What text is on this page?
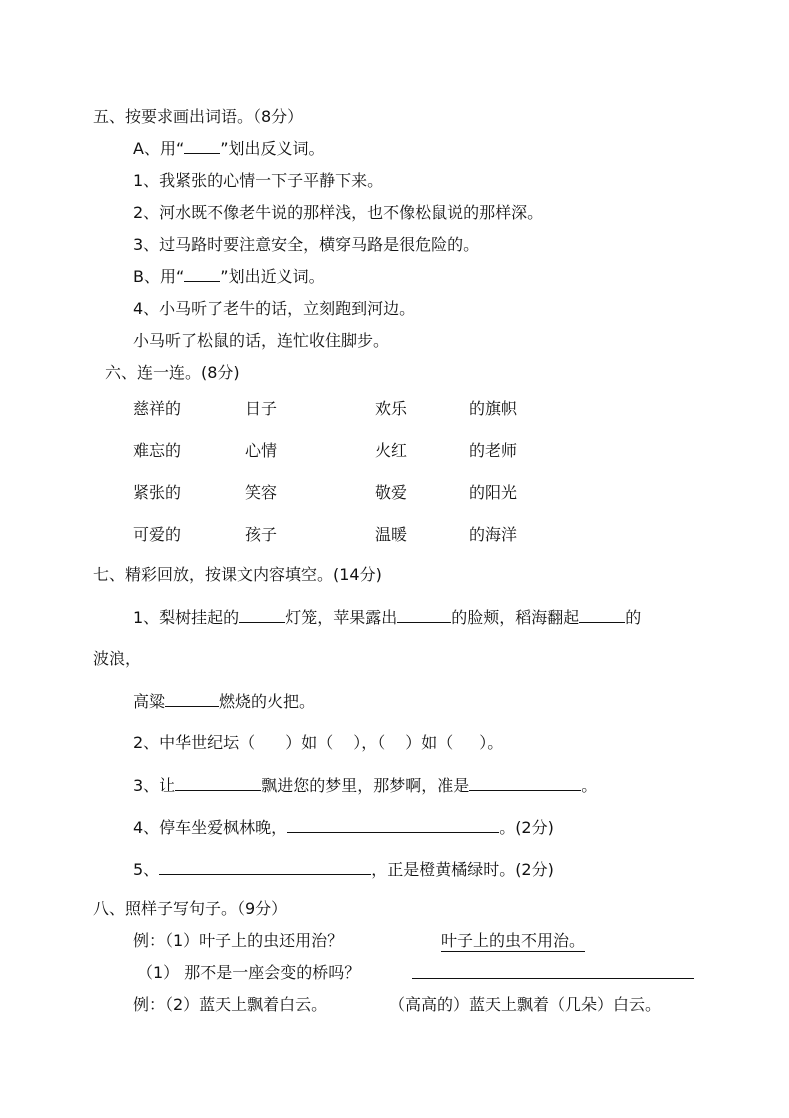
五、按要求画出词语。（8分）
A、用“ ”划出反义词。
1、我紧张的心情一下子平静下来。
2、河水既不像老牛说的那样浅，也不像松鼠说的那样深。
3、过马路时要注意安全，横穿马路是很危险的。
B、用“ ”划出近义词。
4、小马听了老牛的话，立刻跑到河边。
小马听了松鼠的话，连忙收住脚步。
六、连一连。(8分)
慈祥的	日子	欢乐	的旗帜
难忘的	心情	火红	的老师
紧张的	笑容	敬爱	的阳光
可爱的	孩子	温暖	的海洋
七、精彩回放，按课文内容填空。(14分)
1、梨树挂起的	灯笼，苹果露出	的脸颊，稻海翻起	的
波浪，
高粱	燃烧的火把。
2、中华世纪坛（ ）如（ ），（ ）如（ ）。
3、让	飘进您的梦里，那梦啊，准是	。
4、停车坐爱枫林晚，	。(2分)
5、	，正是橙黄橘绿时。(2分)
八、照样子写句子。（9分）
例：（1）叶子上的虫还用治？	叶子上的虫不用治。
（1） 那不是一座会变的桥吗？
例：（2）蓝天上飘着白云。	（高高的）蓝天上飘着（几朵）白云。
